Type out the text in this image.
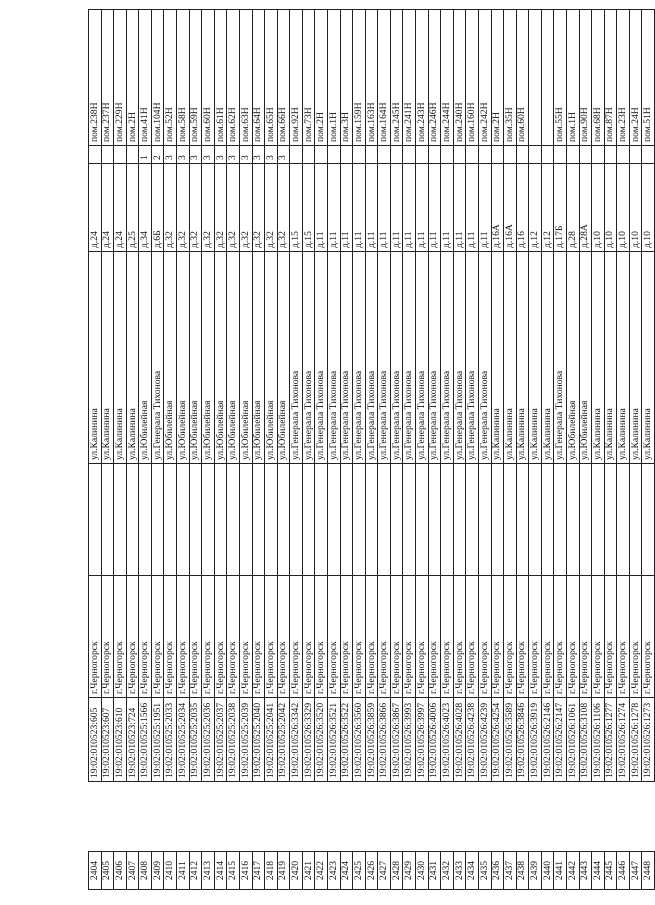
2404		19:02:010523:605	г.Черногорск		ул.Калинина	д.24		пом.238Н
2405		19:02:010523:607	г.Черногорск		ул.Калинина	д.24		пом.237Н
2406		19:02:010523:610	г.Черногорск		ул.Калинина	д.24		пом.229Н
2407		19:02:010523:724	г.Черногорск		ул.Калинина	д.25		пом.2Н
2408		19:02:010525:1566	г.Черногорск		ул.Юбилейная	д.34	1	пом.41Н
2409		19:02:010525:1951	г.Черногорск		ул.Генерала Тихонова	д.6Б	2	пом.104Н
2410		19:02:010525:2033	г.Черногорск		ул.Юбилейная	д.32	3	пом.52Н
2411		19:02:010525:2034	г.Черногорск		ул.Юбилейная	д.32	3	пом.58Н
2412		19:02:010525:2035	г.Черногорск		ул.Юбилейная	д.32	3	пом.59Н
2413		19:02:010525:2036	г.Черногорск		ул.Юбилейная	д.32	3	пом.60Н
2414		19:02:010525:2037	г.Черногорск		ул.Юбилейная	д.32	3	пом.61Н
2415		19:02:010525:2038	г.Черногорск		ул.Юбилейная	д.32	3	пом.62Н
2416		19:02:010525:2039	г.Черногорск		ул.Юбилейная	д.32	3	пом.63Н
2417		19:02:010525:2040	г.Черногорск		ул.Юбилейная	д.32	3	пом.64Н
2418		19:02:010525:2041	г.Черногорск		ул.Юбилейная	д.32	3	пом.65Н
2419		19:02:010525:2042	г.Черногорск		ул.Юбилейная	д.32	3	пом.66Н
2420		19:02:010526:3342	г.Черногорск		ул.Генерала Тихонова	д.15		пом.92Н
2421		19:02:010526:3329	г.Черногорск		ул.Генерала Тихонова	д.15		пом.73Н
2422		19:02:010526:3520	г.Черногорск		ул.Генерала Тихонова	д.11		пом.2Н
2423		19:02:010526:3521	г.Черногорск		ул.Генерала Тихонова	д.11		пом.1Н
2424		19:02:010526:3522	г.Черногорск		ул.Генерала Тихонова	д.11		пом.3Н
2425		19:02:010526:3560	г.Черногорск		ул.Генерала Тихонова	д.11		пом.159Н
2426		19:02:010526:3859	г.Черногорск		ул.Генерала Тихонова	д.11		пом.163Н
2427		19:02:010526:3866	г.Черногорск		ул.Генерала Тихонова	д.11		пом.164Н
2428		19:02:010526:3867	г.Черногорск		ул.Генерала Тихонова	д.11		пом.245Н
2429		19:02:010526:3993	г.Черногорск		ул.Генерала Тихонова	д.11		пом.241Н
2430		19:02:010526:3997	г.Черногорск		ул.Генерала Тихонова	д.11		пом.243Н
2431		19:02:010526:4006	г.Черногорск		ул.Генерала Тихонова	д.11		пом.246Н
2432		19:02:010526:4023	г.Черногорск		ул.Генерала Тихонова	д.11		пом.244Н
2433		19:02:010526:4028	г.Черногорск		ул.Генерала Тихонова	д.11		пом.240Н
2434		19:02:010526:4238	г.Черногорск		ул.Генерала Тихонова	д.11		пом.160Н
2435		19:02:010526:4239	г.Черногорск		ул.Генерала Тихонова	д.11		пом.242Н
2436		19:02:010526:4254	г.Черногорск		ул.Калинина	д.16А		пом.2Н
2437		19:02:010526:3589	г.Черногорск		ул.Калинина	д.16А		пом.35Н
2438		19:02:010526:3846	г.Черногорск		ул.Калинина	д.16		пом.60Н
2439		19:02:010526:3919	г.Черногорск		ул.Калинина	д.12		
2440		19:02:010526:2146	г.Черногорск		ул.Калинина	д.12		
2441		19:02:010526:2147	г.Черногорск		ул.Генерала Тихонова	д.17Б		пом.55Н
2442		19:02:010526:1061	г.Черногорск		ул.Юбилейная	д.28		пом.1Н
2443		19:02:010526:3108	г.Черногорск		ул.Юбилейная	д.28А		пом.90Н
2444		19:02:010526:1106	г.Черногорск		ул.Калинина	д.10		пом.68Н
2445		19:02:010526:1277	г.Черногорск		ул.Калинина	д.10		пом.87Н
2446		19:02:010526:1274	г.Черногорск		ул.Калинина	д.10		пом.23Н
2447		19:02:010526:1278	г.Черногорск		ул.Калинина	д.10		пом.24Н
2448		19:02:010526:1273	г.Черногорск		ул.Калинина	д.10		пом.51Н
